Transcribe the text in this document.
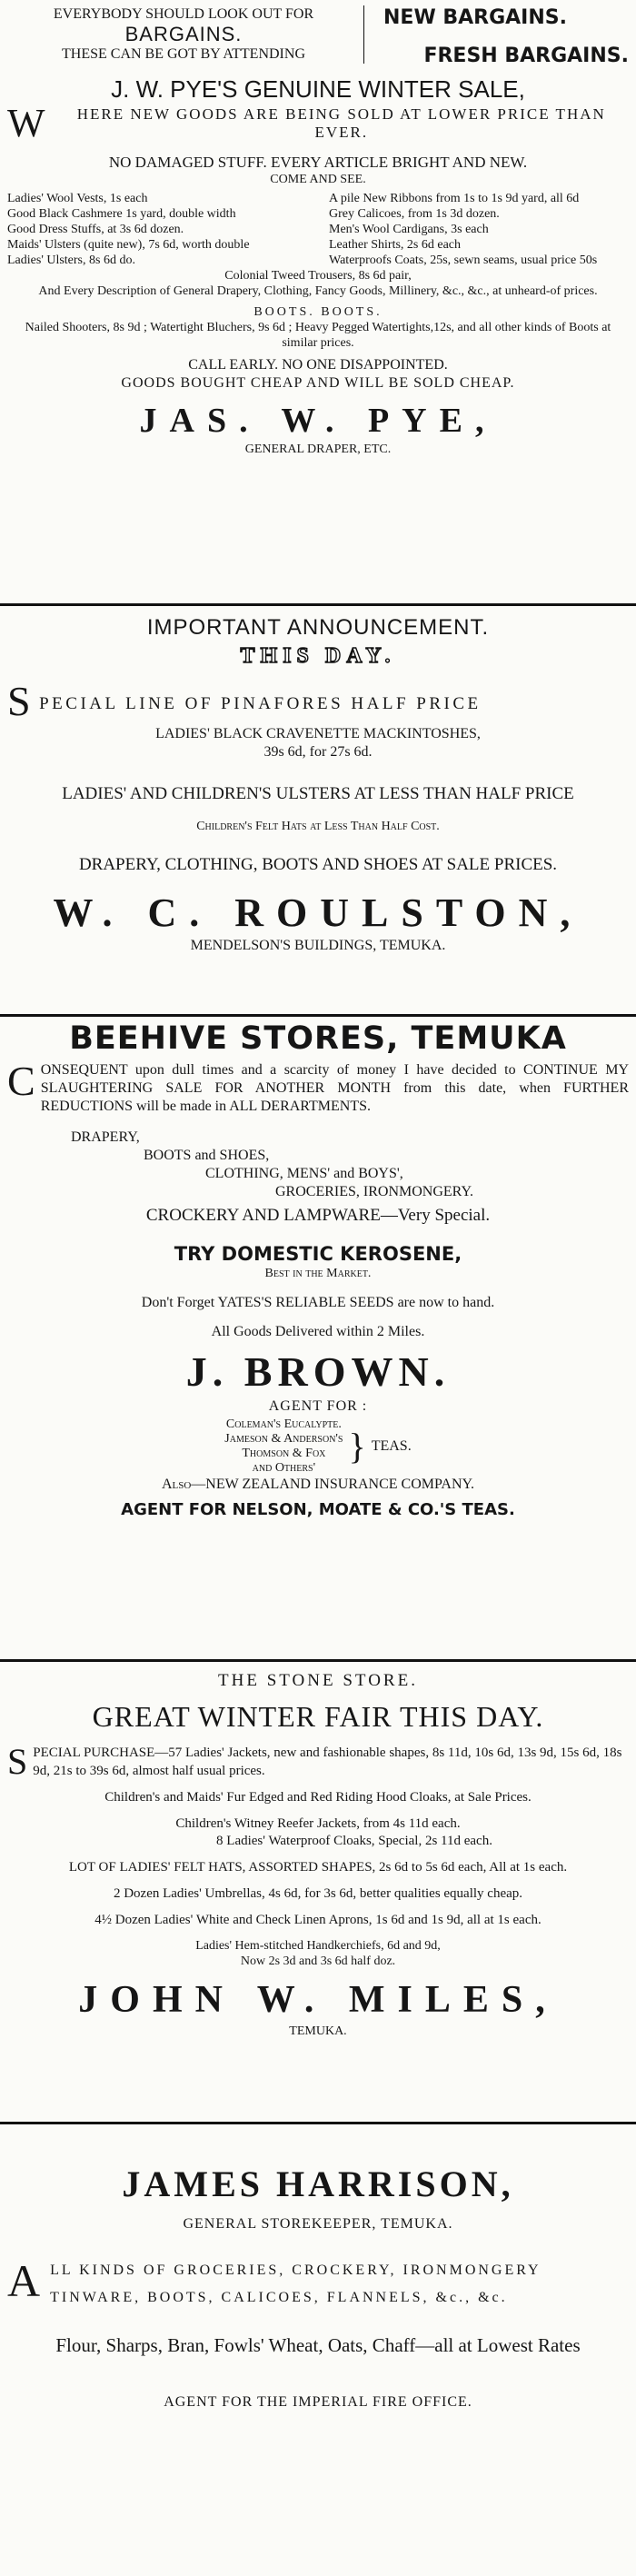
EVERYBODY SHOULD LOOK OUT FOR
BARGAINS.
THESE CAN BE GOT BY ATTENDING
NEW BARGAINS.
FRESH BARGAINS.
J. W. PYE'S GENUINE WINTER SALE,
W HERE NEW GOODS ARE BEING SOLD AT LOWER PRICE THAN EVER.
NO DAMAGED STUFF. EVERY ARTICLE BRIGHT AND NEW.
COME AND SEE.
Ladies' Wool Vests, 1s each
Good Black Cashmere 1s yard, double width
Good Dress Stuffs, at 3s 6d dozen.
Maids' Ulsters (quite new), 7s 6d, worth double
Ladies' Ulsters, 8s 6d do.
A pile New Ribbons from 1s to 1s 9d yard, all 6d
Grey Calicoes, from 1s 3d dozen.
Men's Wool Cardigans, 3s each
Leather Shirts, 2s 6d each
Waterproofs Coats, 25s, sewn seams, usual price 50s
Colonial Tweed Trousers, 8s 6d pair,
And Every Description of General Drapery, Clothing, Fancy Goods, Millinery, &c., &c., at unheard-of prices.
BOOTS. BOOTS.
Nailed Shooters, 8s 9d ; Watertight Bluchers, 9s 6d ; Heavy Pegged Watertights,12s, and all other kinds of Boots at similar prices.
CALL EARLY. NO ONE DISAPPOINTED.
GOODS BOUGHT CHEAP AND WILL BE SOLD CHEAP.
JAS. W. PYE,
GENERAL DRAPER, ETC.
IMPORTANT ANNOUNCEMENT.
THIS DAY.
S PECIAL LINE OF PINAFORES HALF PRICE
LADIES' BLACK CRAVENETTE MACKINTOSHES,
39s 6d, for 27s 6d.
LADIES' AND CHILDREN'S ULSTERS AT LESS THAN HALF PRICE
Children's Felt Hats at Less Than Half Cost.
DRAPERY, CLOTHING, BOOTS AND SHOES AT SALE PRICES.
W. C. ROULSTON,
MENDELSON'S BUILDINGS, TEMUKA.
BEEHIVE STORES, TEMUKA
C ONSEQUENT upon dull times and a scarcity of money I have decided to CONTINUE MY SLAUGHTERING SALE FOR ANOTHER MONTH from this date, when FURTHER REDUCTIONS will be made in ALL DERARTMENTS.
DRAPERY,
BOOTS and SHOES,
CLOTHING, MENS' and BOYS',
GROCERIES, IRONMONGERY.
CROCKERY AND LAMPWARE—Very Special.
TRY DOMESTIC KEROSENE,
Best in the Market.
Don't Forget YATES'S RELIABLE SEEDS are now to hand.
All Goods Delivered within 2 Miles.
J. BROWN.
AGENT FOR :
Coleman's Eucalypte.
Jameson & Anderson's
Thomson & Fox
and Others'
} TEAS.
Also—NEW ZEALAND INSURANCE COMPANY.
AGENT FOR NELSON, MOATE & CO.'S TEAS.
THE STONE STORE.
GREAT WINTER FAIR THIS DAY.
S PECIAL PURCHASE—57 Ladies' Jackets, new and fashionable shapes, 8s 11d, 10s 6d, 13s 9d, 15s 6d, 18s 9d, 21s to 39s 6d, almost half usual prices.
Children's and Maids' Fur Edged and Red Riding Hood Cloaks, at Sale Prices.
Children's Witney Reefer Jackets, from 4s 11d each.
8 Ladies' Waterproof Cloaks, Special, 2s 11d each.
LOT OF LADIES' FELT HATS, ASSORTED SHAPES, 2s 6d to 5s 6d each, All at 1s each.
2 Dozen Ladies' Umbrellas, 4s 6d, for 3s 6d, better qualities equally cheap.
4½ Dozen Ladies' White and Check Linen Aprons, 1s 6d and 1s 9d, all at 1s each.
Ladies' Hem-stitched Handkerchiefs, 6d and 9d,
Now 2s 3d and 3s 6d half doz.
JOHN W. MILES,
TEMUKA.
JAMES HARRISON,
GENERAL STOREKEEPER, TEMUKA.
A LL KINDS OF GROCERIES, CROCKERY, IRONMONGERY
TINWARE, BOOTS, CALICOES, FLANNELS, &c., &c.
Flour, Sharps, Bran, Fowls' Wheat, Oats, Chaff—all at Lowest Rates
AGENT FOR THE IMPERIAL FIRE OFFICE.
